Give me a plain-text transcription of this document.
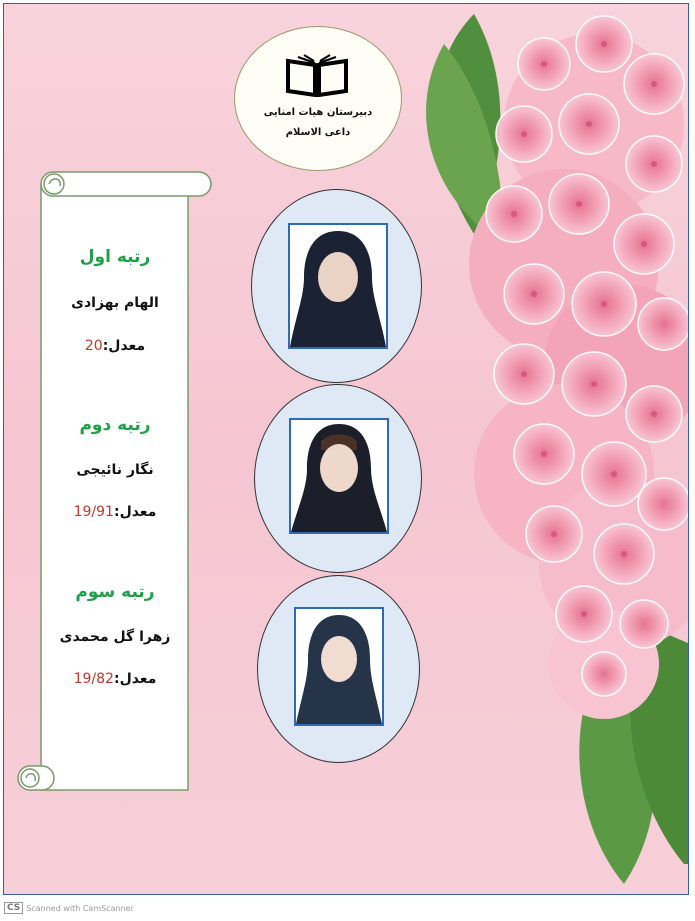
دبیرستان هیات امنایی
داعی الاسلام
رتبه اول
الهام بهزادی
معدل:20
رتبه دوم
نگار نائیجی
معدل:19/91
رتبه سوم
زهرا گل محمدی
معدل:19/82
CS Scanned with CamScanner
